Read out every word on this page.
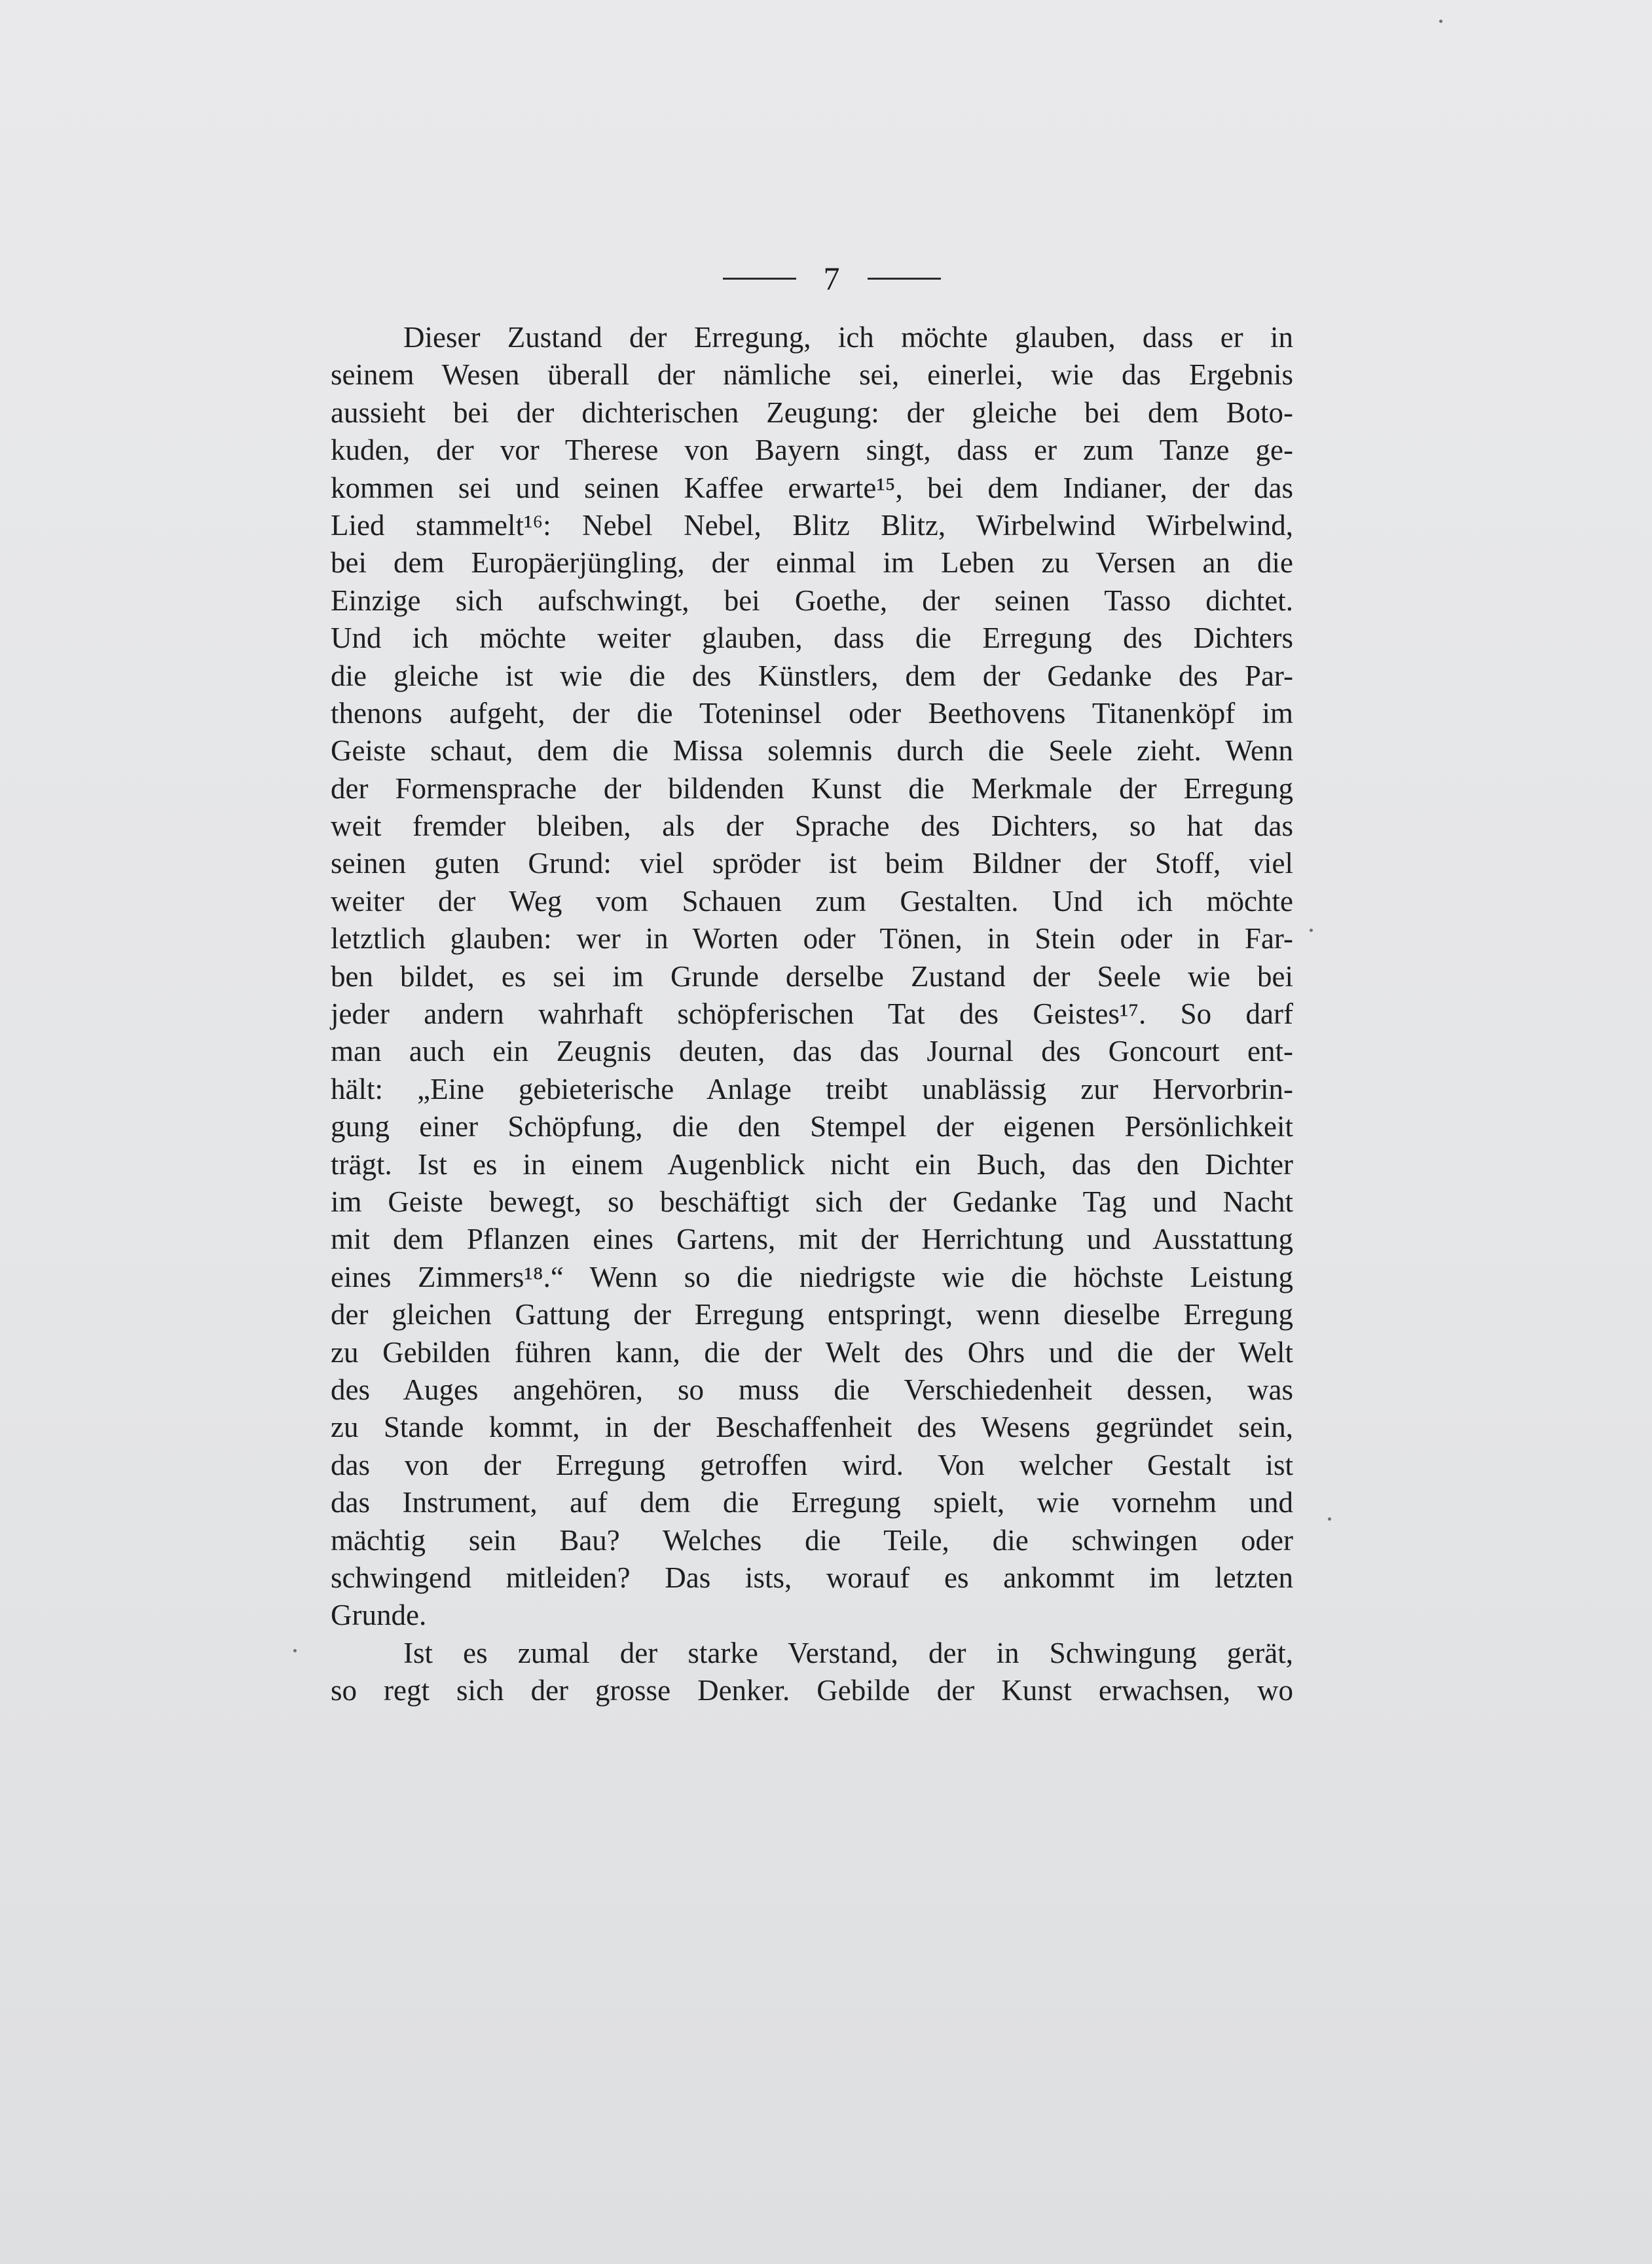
7
Dieser Zustand der Erregung, ich möchte glauben, dass er in
seinem Wesen überall der nämliche sei, einerlei, wie das Ergebnis
aussieht bei der dichterischen Zeugung: der gleiche bei dem Boto-
kuden, der vor Therese von Bayern singt, dass er zum Tanze ge-
kommen sei und seinen Kaffee erwarte¹⁵, bei dem Indianer, der das
Lied stammelt¹⁶: Nebel Nebel, Blitz Blitz, Wirbelwind Wirbelwind,
bei dem Europäerjüngling, der einmal im Leben zu Versen an die
Einzige sich aufschwingt, bei Goethe, der seinen Tasso dichtet.
Und ich möchte weiter glauben, dass die Erregung des Dichters
die gleiche ist wie die des Künstlers, dem der Gedanke des Par-
thenons aufgeht, der die Toteninsel oder Beethovens Titanenköpf im
Geiste schaut, dem die Missa solemnis durch die Seele zieht. Wenn
der Formensprache der bildenden Kunst die Merkmale der Erregung
weit fremder bleiben, als der Sprache des Dichters, so hat das
seinen guten Grund: viel spröder ist beim Bildner der Stoff, viel
weiter der Weg vom Schauen zum Gestalten. Und ich möchte
letztlich glauben: wer in Worten oder Tönen, in Stein oder in Far-
ben bildet, es sei im Grunde derselbe Zustand der Seele wie bei
jeder andern wahrhaft schöpferischen Tat des Geistes¹⁷. So darf
man auch ein Zeugnis deuten, das das Journal des Goncourt ent-
hält: „Eine gebieterische Anlage treibt unablässig zur Hervorbrin-
gung einer Schöpfung, die den Stempel der eigenen Persönlichkeit
trägt. Ist es in einem Augenblick nicht ein Buch, das den Dichter
im Geiste bewegt, so beschäftigt sich der Gedanke Tag und Nacht
mit dem Pflanzen eines Gartens, mit der Herrichtung und Ausstattung
eines Zimmers¹⁸.“ Wenn so die niedrigste wie die höchste Leistung
der gleichen Gattung der Erregung entspringt, wenn dieselbe Erregung
zu Gebilden führen kann, die der Welt des Ohrs und die der Welt
des Auges angehören, so muss die Verschiedenheit dessen, was
zu Stande kommt, in der Beschaffenheit des Wesens gegründet sein,
das von der Erregung getroffen wird. Von welcher Gestalt ist
das Instrument, auf dem die Erregung spielt, wie vornehm und
mächtig sein Bau? Welches die Teile, die schwingen oder
schwingend mitleiden? Das ists, worauf es ankommt im letzten
Grunde.
Ist es zumal der starke Verstand, der in Schwingung gerät,
so regt sich der grosse Denker. Gebilde der Kunst erwachsen, wo
